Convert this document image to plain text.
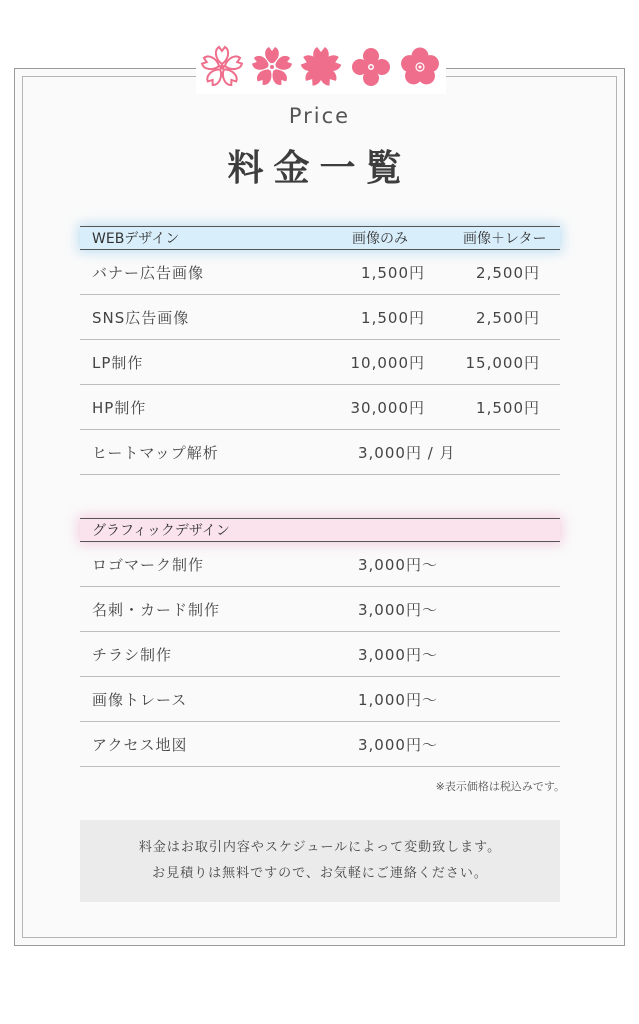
Price
料金一覧
WEBデザイン	画像のみ	画像＋レター
バナー広告画像	1,500円	2,500円
SNS広告画像	1,500円	2,500円
LP制作	10,000円	15,000円
HP制作	30,000円	1,500円
ヒートマップ解析	3,000円 / 月
グラフィックデザイン
ロゴマーク制作	3,000円〜
名刺・カード制作	3,000円〜
チラシ制作	3,000円〜
画像トレース	1,000円〜
アクセス地図	3,000円〜
※表示価格は税込みです。
料金はお取引内容やスケジュールによって変動致します。
お見積りは無料ですので、お気軽にご連絡ください。
